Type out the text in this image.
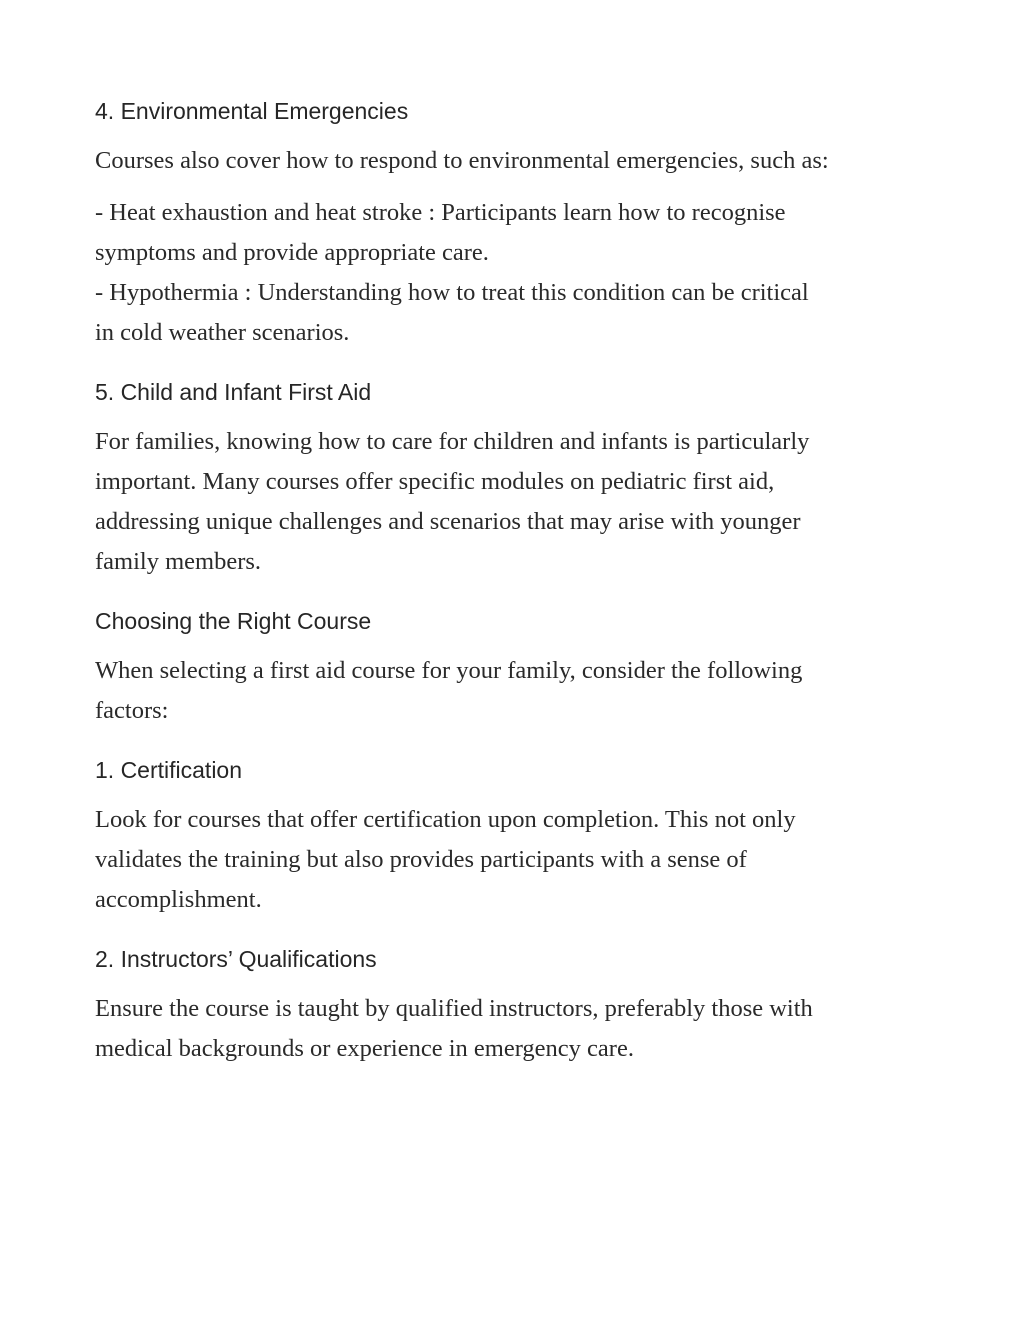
4. Environmental Emergencies

Courses also cover how to respond to environmental emergencies, such as:

- Heat exhaustion and heat stroke : Participants learn how to recognise
symptoms and provide appropriate care.
- Hypothermia : Understanding how to treat this condition can be critical
in cold weather scenarios.

5. Child and Infant First Aid

For families, knowing how to care for children and infants is particularly
important. Many courses offer specific modules on pediatric first aid,
addressing unique challenges and scenarios that may arise with younger
family members.

Choosing the Right Course

When selecting a first aid course for your family, consider the following
factors:

1. Certification

Look for courses that offer certification upon completion. This not only
validates the training but also provides participants with a sense of
accomplishment.

2. Instructors’ Qualifications

Ensure the course is taught by qualified instructors, preferably those with
medical backgrounds or experience in emergency care.
